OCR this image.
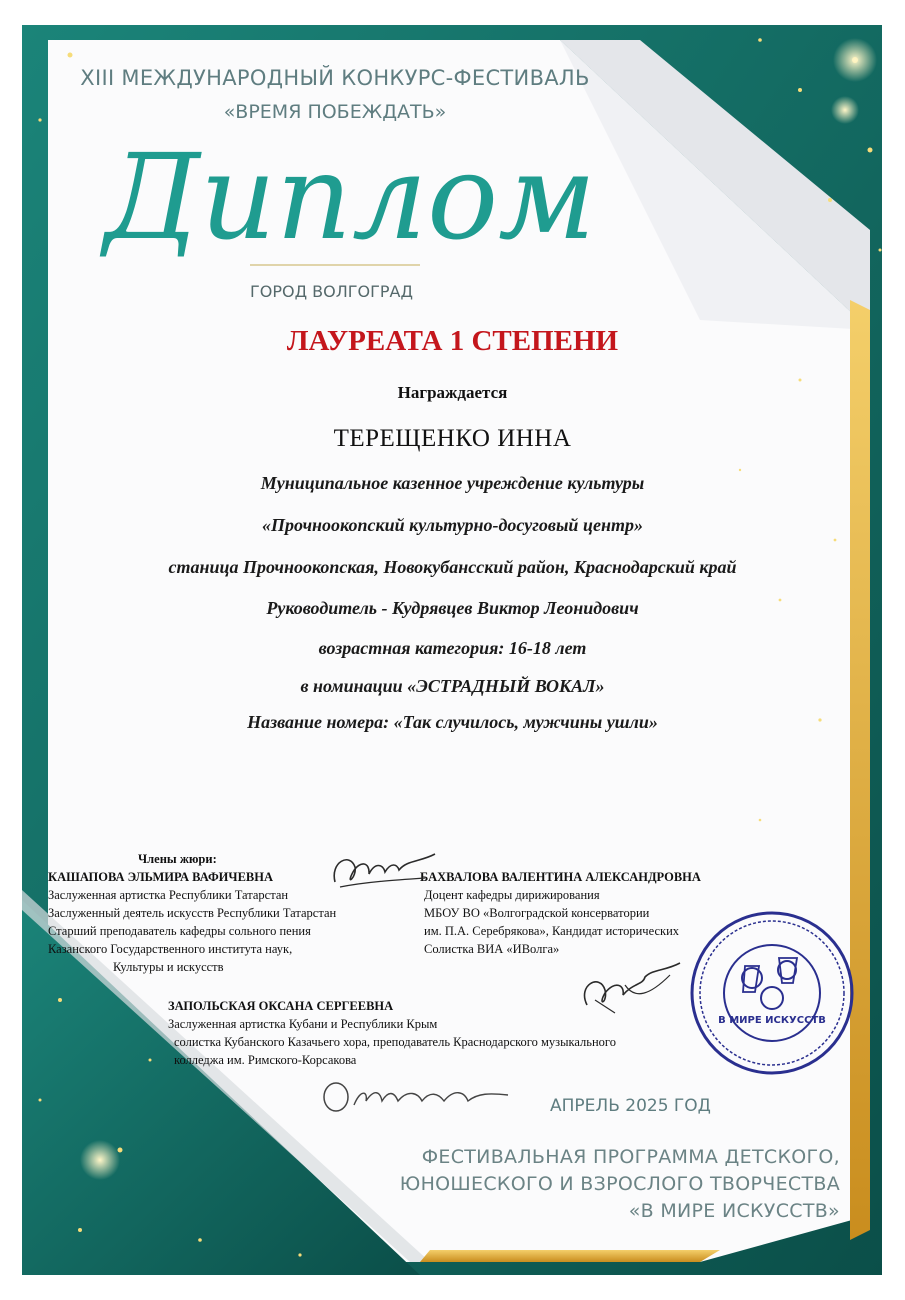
XIII МЕЖДУНАРОДНЫЙ КОНКУРС-ФЕСТИВАЛЬ

«ВРЕМЯ ПОБЕЖДАТЬ»

Диплом

ГОРОД ВОЛГОГРАД

ЛАУРЕАТА 1 СТЕПЕНИ

Награждается

ТЕРЕЩЕНКО ИННА

Муниципальное казенное учреждение культуры

«Прочноокопский культурно-досуговый центр»

станица Прочноокопская, Новокубансский район, Краснодарский край

Руководитель - Кудрявцев Виктор Леонидович

возрастная категория: 16-18 лет

в номинации «ЭСТРАДНЫЙ ВОКАЛ»

Название номера: «Так случилось, мужчины ушли»

Члены жюри:

КАШАПОВА ЭЛЬМИРА ВАФИЧЕВНА
Заслуженная артистка Республики Татарстан
Заслуженный деятель искусств Республики Татарстан
Старший преподаватель кафедры сольного пения
Казанского Государственного института наук,
Культуры и искусств
БАХВАЛОВА ВАЛЕНТИНА АЛЕКСАНДРОВНА
Доцент кафедры дирижирования
МБОУ ВО «Волгоградской консерватории
им. П.А. Серебрякова», Кандидат исторических
Солистка ВИА «ИВолга»
ЗАПОЛЬСКАЯ ОКСАНА СЕРГЕЕВНА
Заслуженная артистка Кубани и Республики Крым
солистка Кубанского Казачьего хора, преподаватель Краснодарского музыкального
колледжа им. Римского-Корсакова
В МИРЕ ИСКУССТВ

АПРЕЛЬ 2025 ГОД

ФЕСТИВАЛЬНАЯ ПРОГРАММА ДЕТСКОГО,

ЮНОШЕСКОГО И ВЗРОСЛОГО ТВОРЧЕСТВА

«В МИРЕ ИСКУССТВ»
